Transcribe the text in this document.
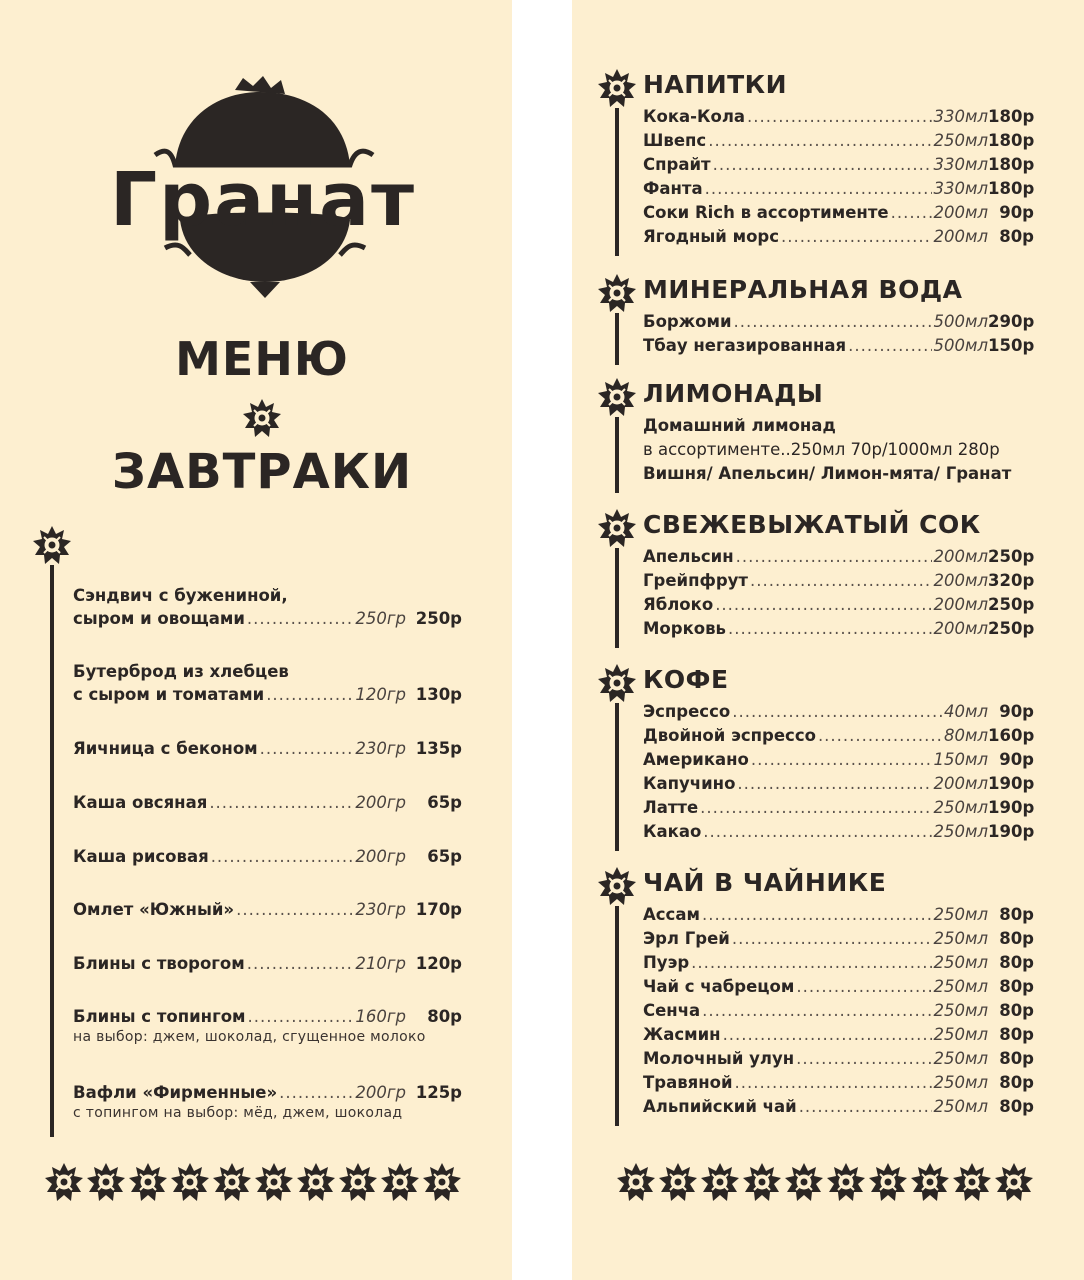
Гранат
МЕНЮ
ЗАВТРАКИ
Сэндвич с бужениной,
сыром и овощами .....	250гр 250р
Бутерброд из хлебцев
с сыром и томатами .....	120гр 130р
Яичница с беконом .....	230гр 135р
Каша овсяная .....	200гр	65р
Каша рисовая .....	200гр	65р
Омлет «Южный» .....	230гр 170р
Блины с творогом .....	210гр 120р
Блины с топингом .....	160гр	80р
на выбор: джем, шоколад, сгущенное молоко
Вафли «Фирменные» .....	200гр 125р
с топингом на выбор: мёд, джем, шоколад
НАПИТКИ
Кока-Кола .....	330мл 180р
Швепс .....	250мл 180р
Спрайт .....	330мл 180р
Фанта .....	330мл 180р
Соки Rich в ассортименте .....	200мл 90р
Ягодный морс .....	200мл 80р
МИНЕРАЛЬНАЯ ВОДА
Боржоми .....	500мл 290р
Тбау негазированная .....	500мл 150р
ЛИМОНАДЫ
Домашний лимонад
в ассортименте..250мл 70р/1000мл 280р
Вишня/ Апельсин/ Лимон-мята/ Гранат
СВЕЖЕВЫЖАТЫЙ СОК
Апельсин .....	200мл 250р
Грейпфрут .....	200мл 320р
Яблоко .....	200мл 250р
Морковь .....	200мл 250р
КОФЕ
Эспрессо .....	40мл 90р
Двойной эспрессо .....	80мл 160р
Американо .....	150мл 90р
Капучино .....	200мл 190р
Латте .....	250мл 190р
Какао .....	250мл 190р
ЧАЙ В ЧАЙНИКЕ
Ассам .....	250мл 80р
Эрл Грей .....	250мл 80р
Пуэр .....	250мл 80р
Чай с чабрецом .....	250мл 80р
Сенча .....	250мл 80р
Жасмин .....	250мл 80р
Молочный улун .....	250мл 80р
Травяной .....	250мл 80р
Альпийский чай .....	250мл 80р
